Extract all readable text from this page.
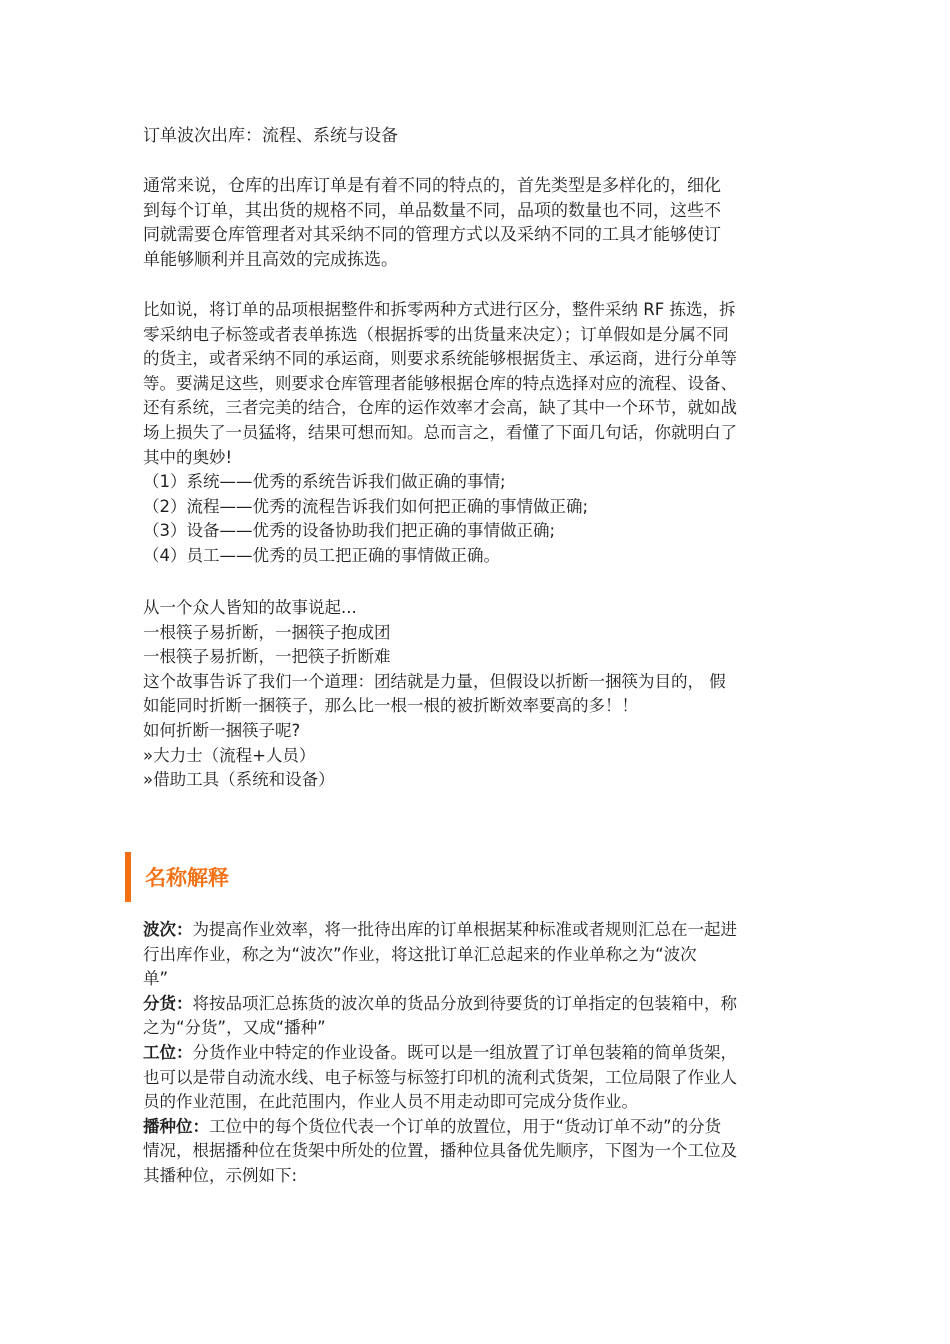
订单波次出库：流程、系统与设备
通常来说，仓库的出库订单是有着不同的特点的，首先类型是多样化的，细化
到每个订单，其出货的规格不同，单品数量不同，品项的数量也不同，这些不
同就需要仓库管理者对其采纳不同的管理方式以及采纳不同的工具才能够使订
单能够顺利并且高效的完成拣选。
比如说，将订单的品项根据整件和拆零两种方式进行区分，整件采纳 RF 拣选，拆
零采纳电子标签或者表单拣选（根据拆零的出货量来决定）；订单假如是分属不同
的货主，或者采纳不同的承运商，则要求系统能够根据货主、承运商，进行分单等
等。要满足这些，则要求仓库管理者能够根据仓库的特点选择对应的流程、设备、
还有系统，三者完美的结合，仓库的运作效率才会高，缺了其中一个环节，就如战
场上损失了一员猛将，结果可想而知。总而言之，看懂了下面几句话，你就明白了
其中的奥妙!
（1）系统——优秀的系统告诉我们做正确的事情;
（2）流程——优秀的流程告诉我们如何把正确的事情做正确;
（3）设备——优秀的设备协助我们把正确的事情做正确;
（4）员工——优秀的员工把正确的事情做正确。
从一个众人皆知的故事说起...
一根筷子易折断，一捆筷子抱成团
一根筷子易折断，一把筷子折断难
这个故事告诉了我们一个道理：团结就是力量，但假设以折断一捆筷为目的， 假
如能同时折断一捆筷子，那么比一根一根的被折断效率要高的多！！
如何折断一捆筷子呢?
»大力士（流程+人员）
»借助工具（系统和设备）
名称解释
波次：为提高作业效率，将一批待出库的订单根据某种标准或者规则汇总在一起进
行出库作业，称之为“波次”作业，将这批订单汇总起来的作业单称之为“波次
单”
分货：将按品项汇总拣货的波次单的货品分放到待要货的订单指定的包装箱中，称
之为“分货”，又成“播种”
工位：分货作业中特定的作业设备。既可以是一组放置了订单包装箱的简单货架，
也可以是带自动流水线、电子标签与标签打印机的流利式货架，工位局限了作业人
员的作业范围，在此范围内，作业人员不用走动即可完成分货作业。
播种位：工位中的每个货位代表一个订单的放置位，用于“货动订单不动”的分货
情况，根据播种位在货架中所处的位置，播种位具备优先顺序，下图为一个工位及
其播种位，示例如下:
